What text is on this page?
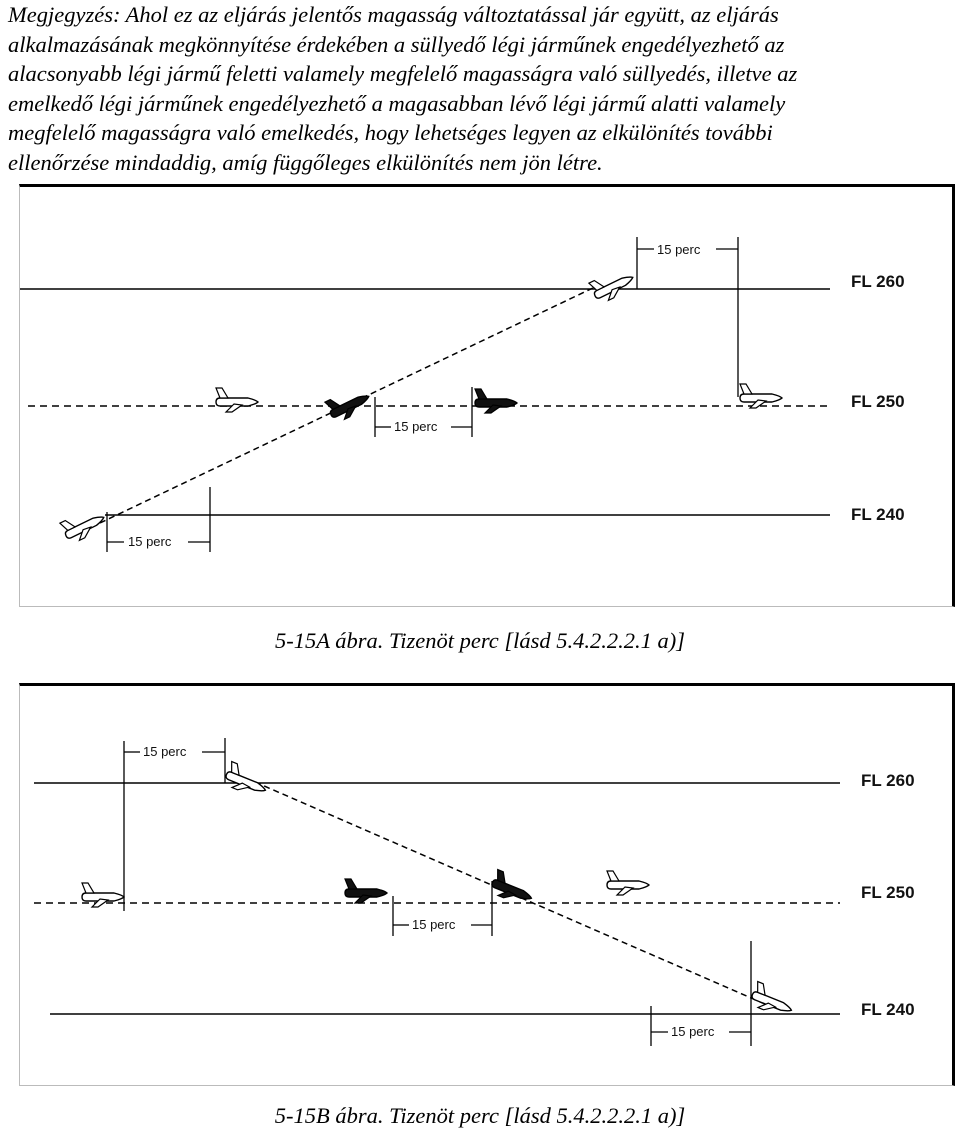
Megjegyzés: Ahol ez az eljárás jelentős magasság változtatással jár együtt, az eljárás
alkalmazásának megkönnyítése érdekében a süllyedő légi járműnek engedélyezhető az
alacsonyabb légi jármű feletti valamely megfelelő magasságra való süllyedés, illetve az
emelkedő légi járműnek engedélyezhető a magasabban lévő légi jármű alatti valamely
megfelelő magasságra való emelkedés, hogy lehetséges legyen az elkülönítés további
ellenőrzése mindaddig, amíg függőleges elkülönítés nem jön létre.
15 perc
15 perc
15 perc
FL 260
FL 250
FL 240
5-15A ábra. Tizenöt perc [lásd 5.4.2.2.2.1 a)]
15 perc
15 perc
15 perc
FL 260
FL 250
FL 240
5-15B ábra. Tizenöt perc [lásd 5.4.2.2.2.1 a)]
